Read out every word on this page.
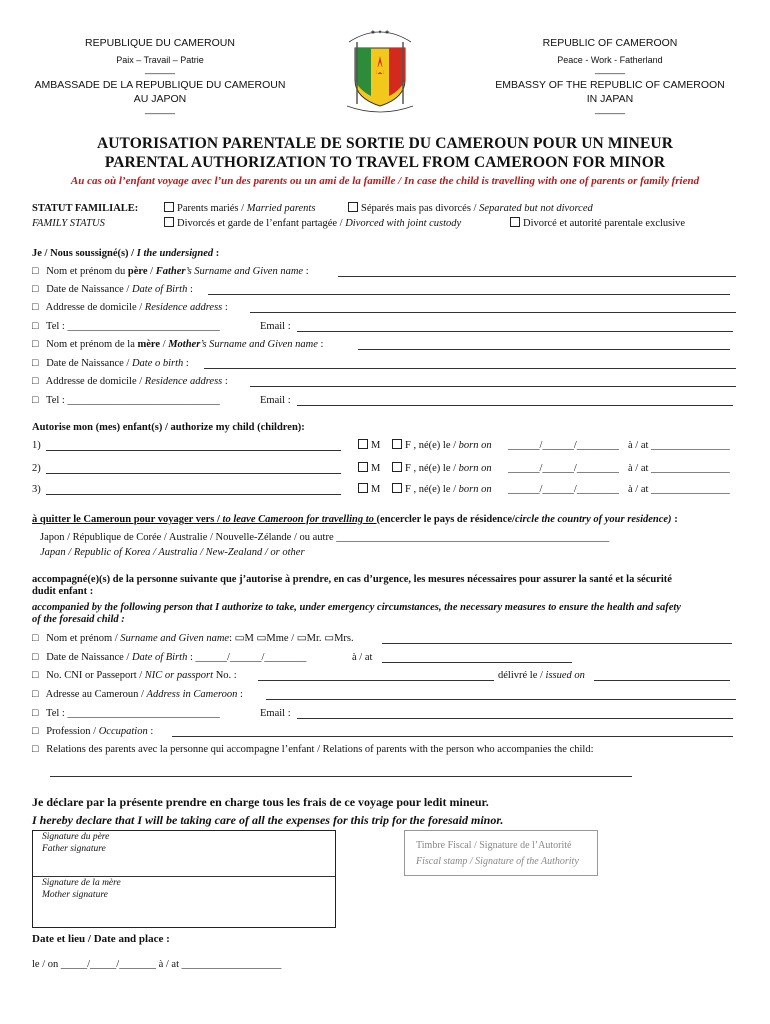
REPUBLIQUE DU CAMEROUN
Paix – Travail – Patrie
______
AMBASSADE DE LA REPUBLIQUE DU CAMEROUN
AU JAPON
______
REPUBLIC OF CAMEROON
Peace - Work - Fatherland
______
EMBASSY OF THE REPUBLIC OF CAMEROON
IN JAPAN
______
★ ✦ ★
AUTORISATION PARENTALE DE SORTIE DU CAMEROUN POUR UN MINEUR
PARENTAL AUTHORIZATION TO TRAVEL FROM CAMEROON FOR MINOR
Au cas où l’enfant voyage avec l’un des parents ou un ami de la famille / In case the child is travelling with one of parents or family friend
STATUT FAMILIALE:
FAMILY STATUS
Parents mariés / Married parents	Séparés mais pas divorcés / Separated but not divorced
Divorcés et garde de l’enfant partagée / Divorced with joint custody	Divorcé et autorité parentale exclusive
Je / Nous soussigné(s) / I the undersigned :
□   Nom et prénom du père / Father’s Surname and Given name :
□   Date de Naissance / Date of Birth :
□   Addresse de domicile / Residence address :
□   Tel : _____________________________	Email :
□   Nom et prénom de la mère / Mother’s Surname and Given name :
□   Date de Naissance / Date o birth :
□   Addresse de domicile / Residence address :
□   Tel : _____________________________	Email :
Autorise mon (mes) enfant(s) / authorize my child (children):
1)	M	F , né(e) le / born on ______/______/________ à / at _______________
2)	M	F , né(e) le / born on ______/______/________ à / at _______________
3)	M	F , né(e) le / born on ______/______/________ à / at _______________
à quitter le Cameroun pour voyager vers / to leave Cameroon for travelling to (encercler le pays de résidence/circle the country of your residence) :
Japon / République de Corée / Australie / Nouvelle-Zélande / ou autre ____________________________________________________
Japan / Republic of Korea / Australia / New-Zealand / or other
accompagné(e)(s) de la personne suivante que j’autorise à prendre, en cas d’urgence, les mesures nécessaires pour assurer la santé et la sécurité
dudit enfant :
accompanied by the following person that I authorize to take, under emergency circumstances, the necessary measures to ensure the health and safety
of the foresaid child :
□   Nom et prénom / Surname and Given name: ▭M ▭Mme / ▭Mr. ▭Mrs.
□   Date de Naissance / Date of Birth : ______/______/________	à / at
□   No. CNI or Passeport / NIC or passport No. :	délivré le / issued on
□   Adresse au Cameroun / Address in Cameroon :
□   Tel : _____________________________	Email :
□   Profession / Occupation :
□   Relations des parents avec la personne qui accompagne l’enfant / Relations of parents with the person who accompanies the child:
Je déclare par la présente prendre en charge tous les frais de ce voyage pour ledit mineur.
I hereby declare that I will be taking care of all the expenses for this trip for the foresaid minor.
Signature du père
Father signature
Signature de la mère
Mother signature
Timbre Fiscal / Signature de l’Autorité
Fiscal stamp / Signature of the Authority
Date et lieu / Date and place :
le / on _____/_____/_______ à / at ___________________
